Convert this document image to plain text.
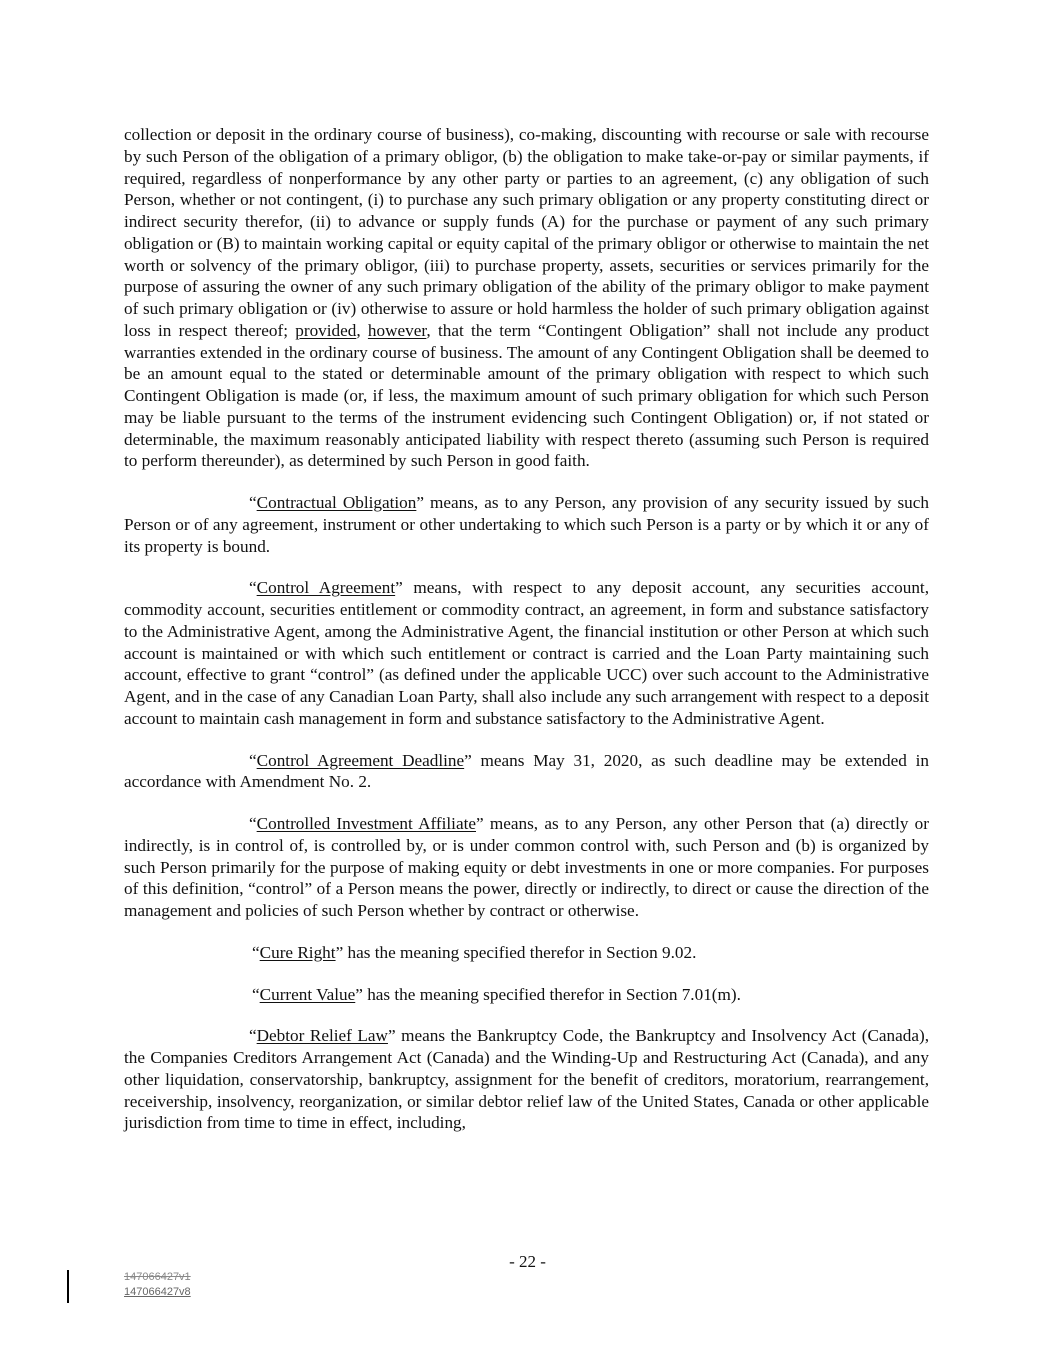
collection or deposit in the ordinary course of business), co-making, discounting with recourse or sale with recourse by such Person of the obligation of a primary obligor, (b) the obligation to make take-or-pay or similar payments, if required, regardless of nonperformance by any other party or parties to an agreement, (c) any obligation of such Person, whether or not contingent, (i) to purchase any such primary obligation or any property constituting direct or indirect security therefor, (ii) to advance or supply funds (A) for the purchase or payment of any such primary obligation or (B) to maintain working capital or equity capital of the primary obligor or otherwise to maintain the net worth or solvency of the primary obligor, (iii) to purchase property, assets, securities or services primarily for the purpose of assuring the owner of any such primary obligation of the ability of the primary obligor to make payment of such primary obligation or (iv) otherwise to assure or hold harmless the holder of such primary obligation against loss in respect thereof; provided, however, that the term “Contingent Obligation” shall not include any product warranties extended in the ordinary course of business. The amount of any Contingent Obligation shall be deemed to be an amount equal to the stated or determinable amount of the primary obligation with respect to which such Contingent Obligation is made (or, if less, the maximum amount of such primary obligation for which such Person may be liable pursuant to the terms of the instrument evidencing such Contingent Obligation) or, if not stated or determinable, the maximum reasonably anticipated liability with respect thereto (assuming such Person is required to perform thereunder), as determined by such Person in good faith.

“Contractual Obligation” means, as to any Person, any provision of any security issued by such Person or of any agreement, instrument or other undertaking to which such Person is a party or by which it or any of its property is bound.

“Control Agreement” means, with respect to any deposit account, any securities account, commodity account, securities entitlement or commodity contract, an agreement, in form and substance satisfactory to the Administrative Agent, among the Administrative Agent, the financial institution or other Person at which such account is maintained or with which such entitlement or contract is carried and the Loan Party maintaining such account, effective to grant “control” (as defined under the applicable UCC) over such account to the Administrative Agent, and in the case of any Canadian Loan Party, shall also include any such arrangement with respect to a deposit account to maintain cash management in form and substance satisfactory to the Administrative Agent.

“Control Agreement Deadline” means May 31, 2020, as such deadline may be extended in accordance with Amendment No. 2.

“Controlled Investment Affiliate” means, as to any Person, any other Person that (a) directly or indirectly, is in control of, is controlled by, or is under common control with, such Person and (b) is organized by such Person primarily for the purpose of making equity or debt investments in one or more companies. For purposes of this definition, “control” of a Person means the power, directly or indirectly, to direct or cause the direction of the management and policies of such Person whether by contract or otherwise.

“Cure Right” has the meaning specified therefor in Section 9.02.

“Current Value” has the meaning specified therefor in Section 7.01(m).

“Debtor Relief Law” means the Bankruptcy Code, the Bankruptcy and Insolvency Act (Canada), the Companies Creditors Arrangement Act (Canada) and the Winding-Up and Restructuring Act (Canada), and any other liquidation, conservatorship, bankruptcy, assignment for the benefit of creditors, moratorium, rearrangement, receivership, insolvency, reorganization, or similar debtor relief law of the United States, Canada or other applicable jurisdiction from time to time in effect, including,

- 22 -
147066427v1
147066427v8
